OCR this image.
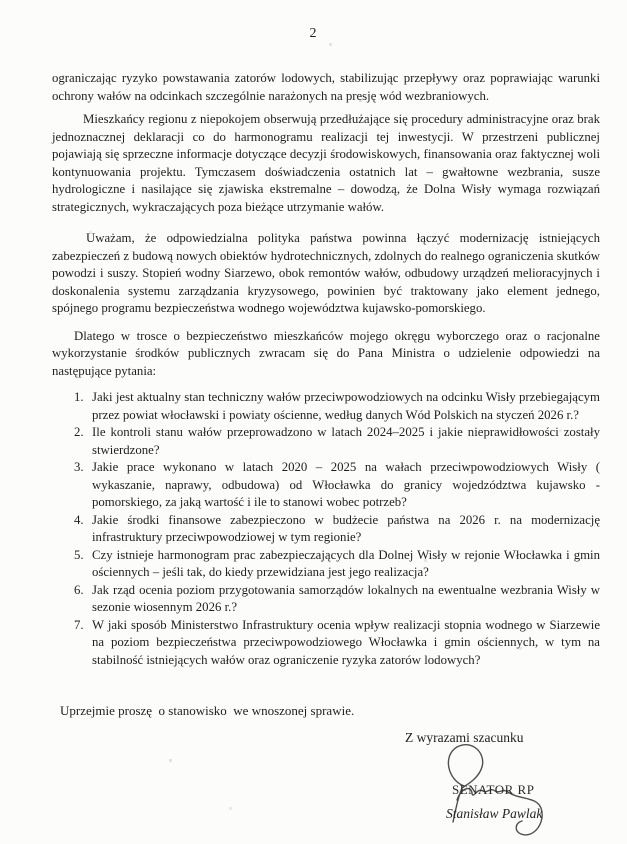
2

ograniczając ryzyko powstawania zatorów lodowych, stabilizując przepływy oraz poprawiając warunki ochrony wałów na odcinkach szczególnie narażonych na presję wód wezbraniowych.

Mieszkańcy regionu z niepokojem obserwują przedłużające się procedury administracyjne oraz brak jednoznacznej deklaracji co do harmonogramu realizacji tej inwestycji. W przestrzeni publicznej pojawiają się sprzeczne informacje dotyczące decyzji środowiskowych, finansowania oraz faktycznej woli kontynuowania projektu. Tymczasem doświadczenia ostatnich lat – gwałtowne wezbrania, susze hydrologiczne i nasilające się zjawiska ekstremalne – dowodzą, że Dolna Wisły wymaga rozwiązań strategicznych, wykraczających poza bieżące utrzymanie wałów.

Uważam, że odpowiedzialna polityka państwa powinna łączyć modernizację istniejących zabezpieczeń z budową nowych obiektów hydrotechnicznych, zdolnych do realnego ograniczenia skutków powodzi i suszy. Stopień wodny Siarzewo, obok remontów wałów, odbudowy urządzeń melioracyjnych i doskonalenia systemu zarządzania kryzysowego, powinien być traktowany jako element jednego, spójnego programu bezpieczeństwa wodnego województwa kujawsko-pomorskiego.

Dlatego w trosce o bezpieczeństwo mieszkańców mojego okręgu wyborczego oraz o racjonalne wykorzystanie środków publicznych zwracam się do Pana Ministra o udzielenie odpowiedzi na następujące pytania:

1. Jaki jest aktualny stan techniczny wałów przeciwpowodziowych na odcinku Wisły przebiegającym przez powiat włocławski i powiaty ościenne, według danych Wód Polskich na styczeń 2026 r.?
2. Ile kontroli stanu wałów przeprowadzono w latach 2024–2025 i jakie nieprawidłowości zostały stwierdzone?
3. Jakie prace wykonano w latach 2020 – 2025 na wałach przeciwpowodziowych Wisły ( wykaszanie, naprawy, odbudowa) od Włocławka do granicy wojedzództwa kujawsko - pomorskiego, za jaką wartość i ile to stanowi wobec potrzeb?
4. Jakie środki finansowe zabezpieczono w budżecie państwa na 2026 r. na modernizację infrastruktury przeciwpowodziowej w tym regionie?
5. Czy istnieje harmonogram prac zabezpieczających dla Dolnej Wisły w rejonie Włocławka i gmin ościennych – jeśli tak, do kiedy przewidziana jest jego realizacja?
6. Jak rząd ocenia poziom przygotowania samorządów lokalnych na ewentualne wezbrania Wisły w sezonie wiosennym 2026 r.?
7. W jaki sposób Ministerstwo Infrastruktury ocenia wpływ realizacji stopnia wodnego w Siarzewie na poziom bezpieczeństwa przeciwpowodziowego Włocławka i gmin ościennych, w tym na stabilność istniejących wałów oraz ograniczenie ryzyka zatorów lodowych?
Uprzejmie proszę  o stanowisko  we wnoszonej sprawie.
Z wyrazami szacunku
SENATOR RP
Stanisław Pawlak
